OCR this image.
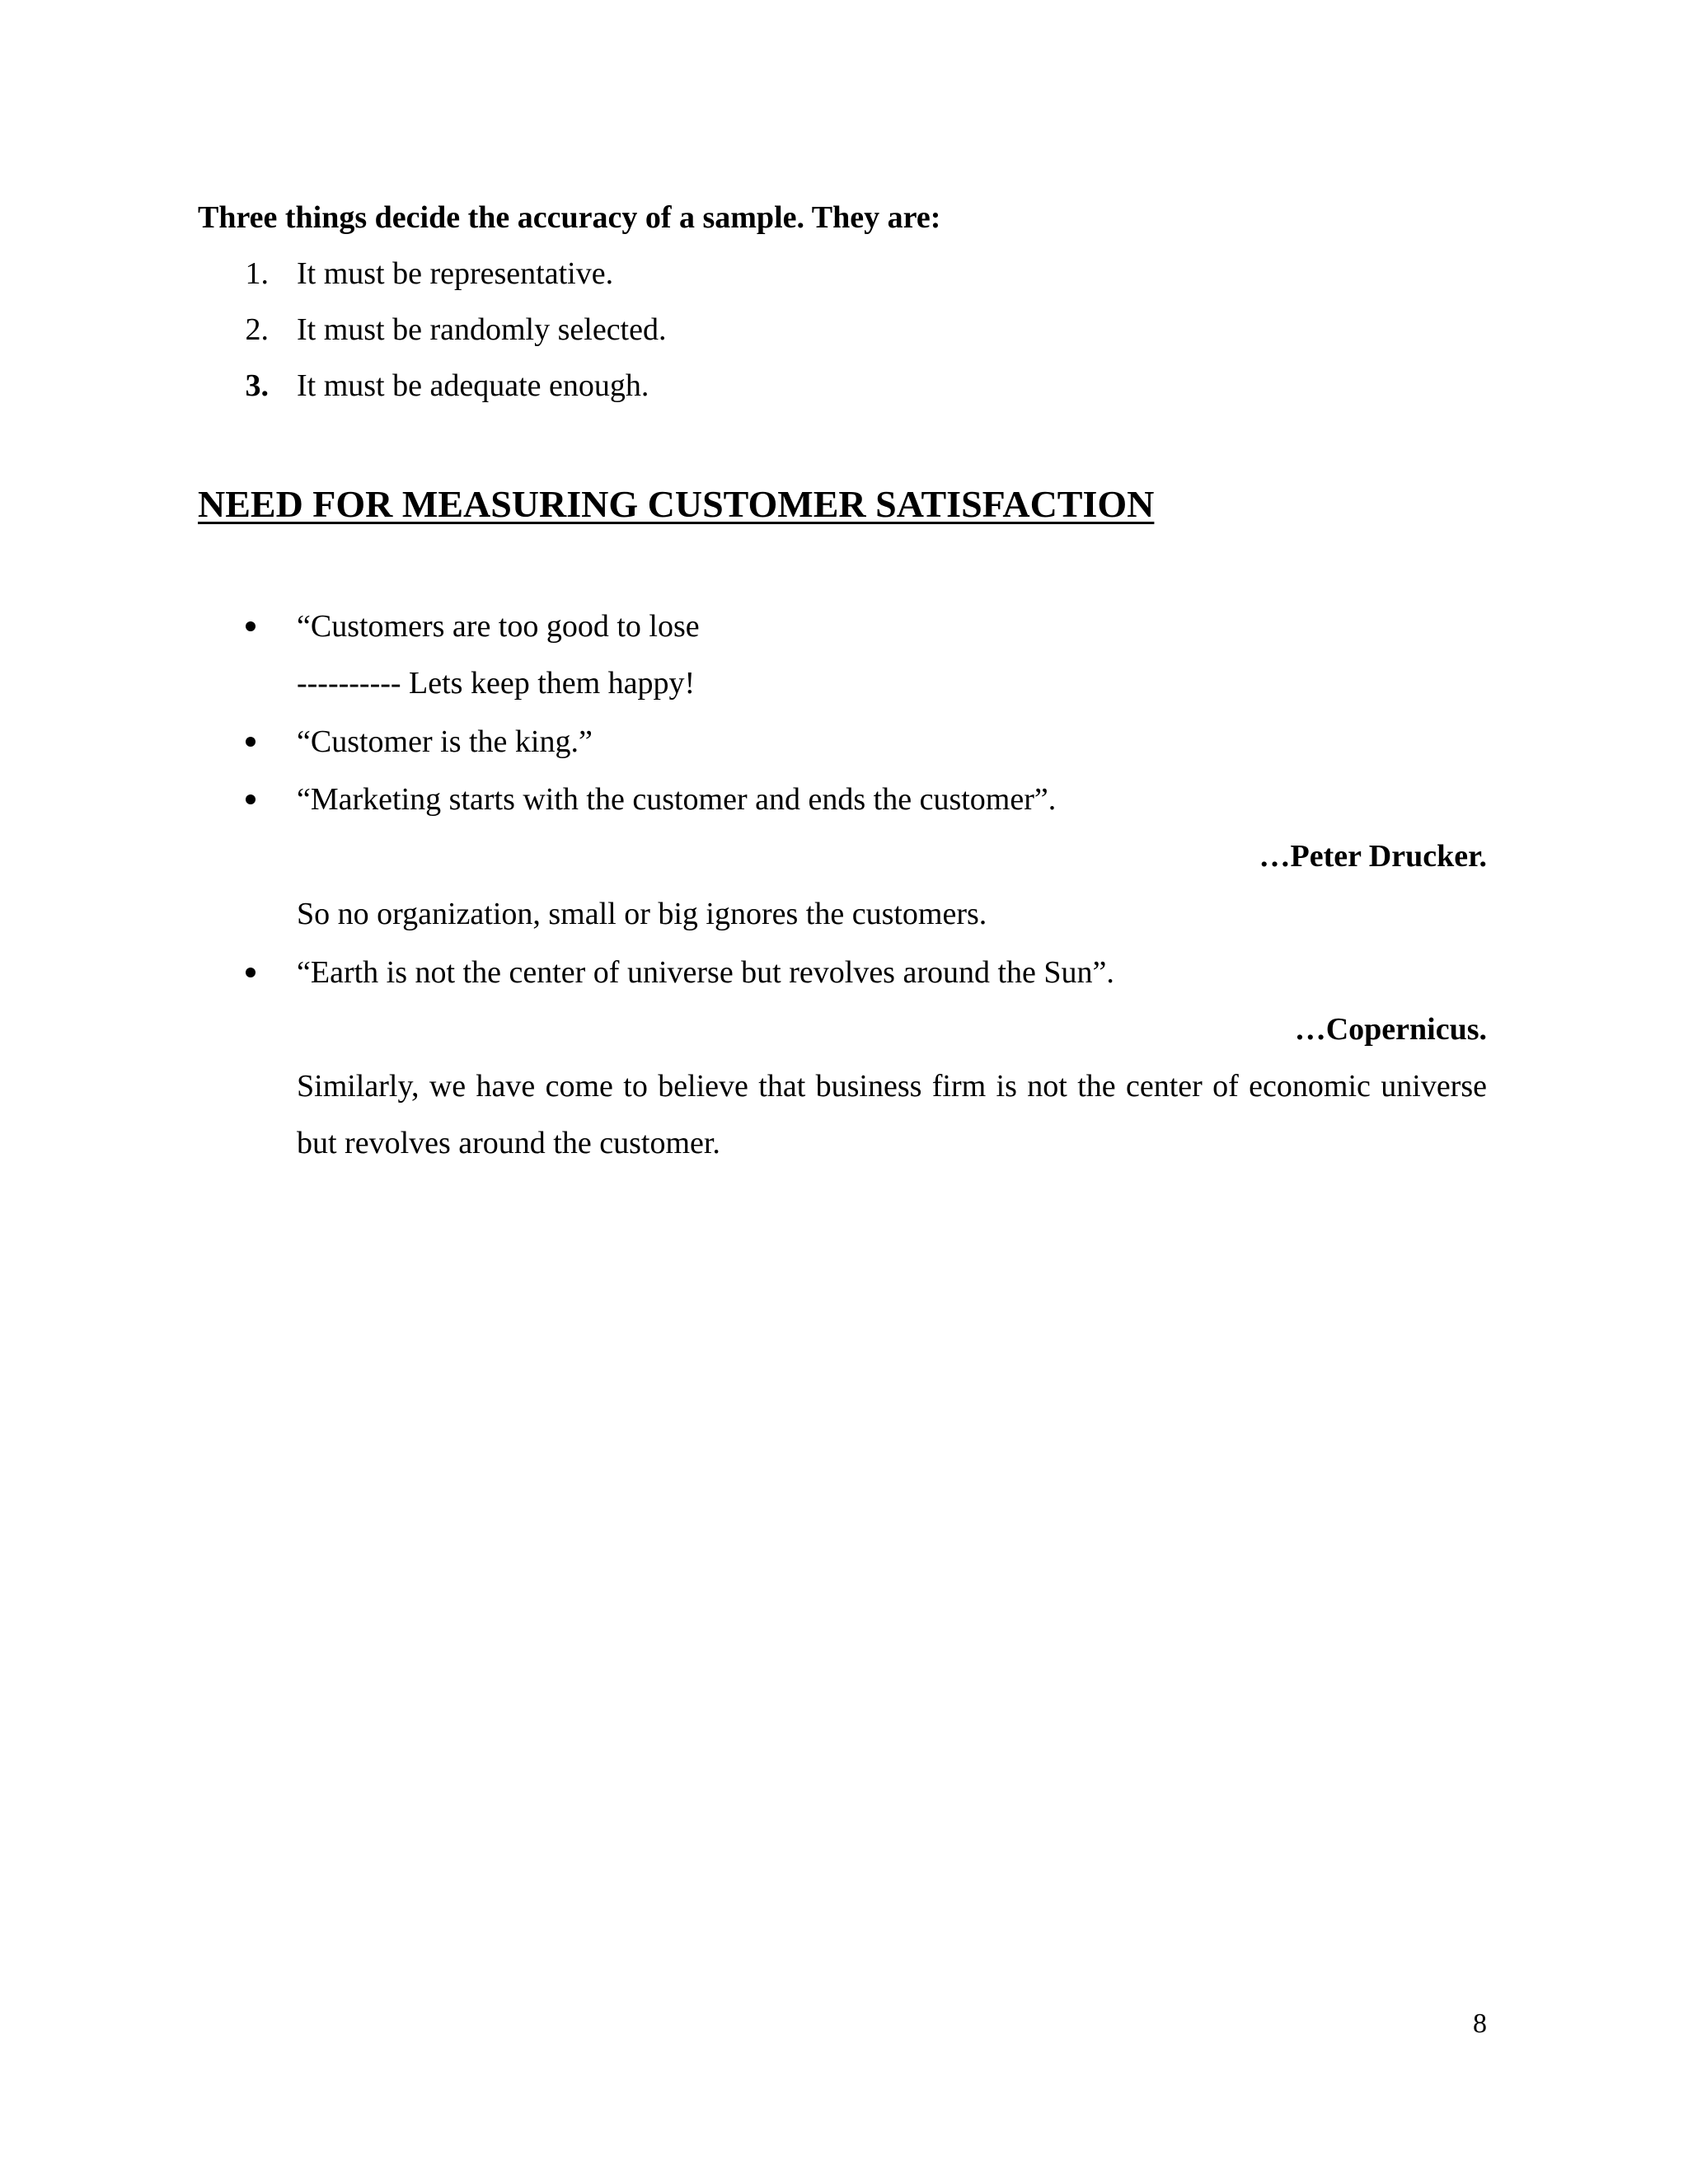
Three things decide the accuracy of a sample. They are:
1. It must be representative.
2. It must be randomly selected.
3. It must be adequate enough.
NEED FOR MEASURING CUSTOMER SATISFACTION
“Customers are too good to lose
---------- Lets keep them happy!
“Customer is the king.”
“Marketing starts with the customer and ends the customer”.
…Peter Drucker.
So no organization, small or big ignores the customers.
“Earth is not the center of universe but revolves around the Sun”.
…Copernicus.
Similarly, we have come to believe that business firm is not the center of economic universe but revolves around the customer.
8
